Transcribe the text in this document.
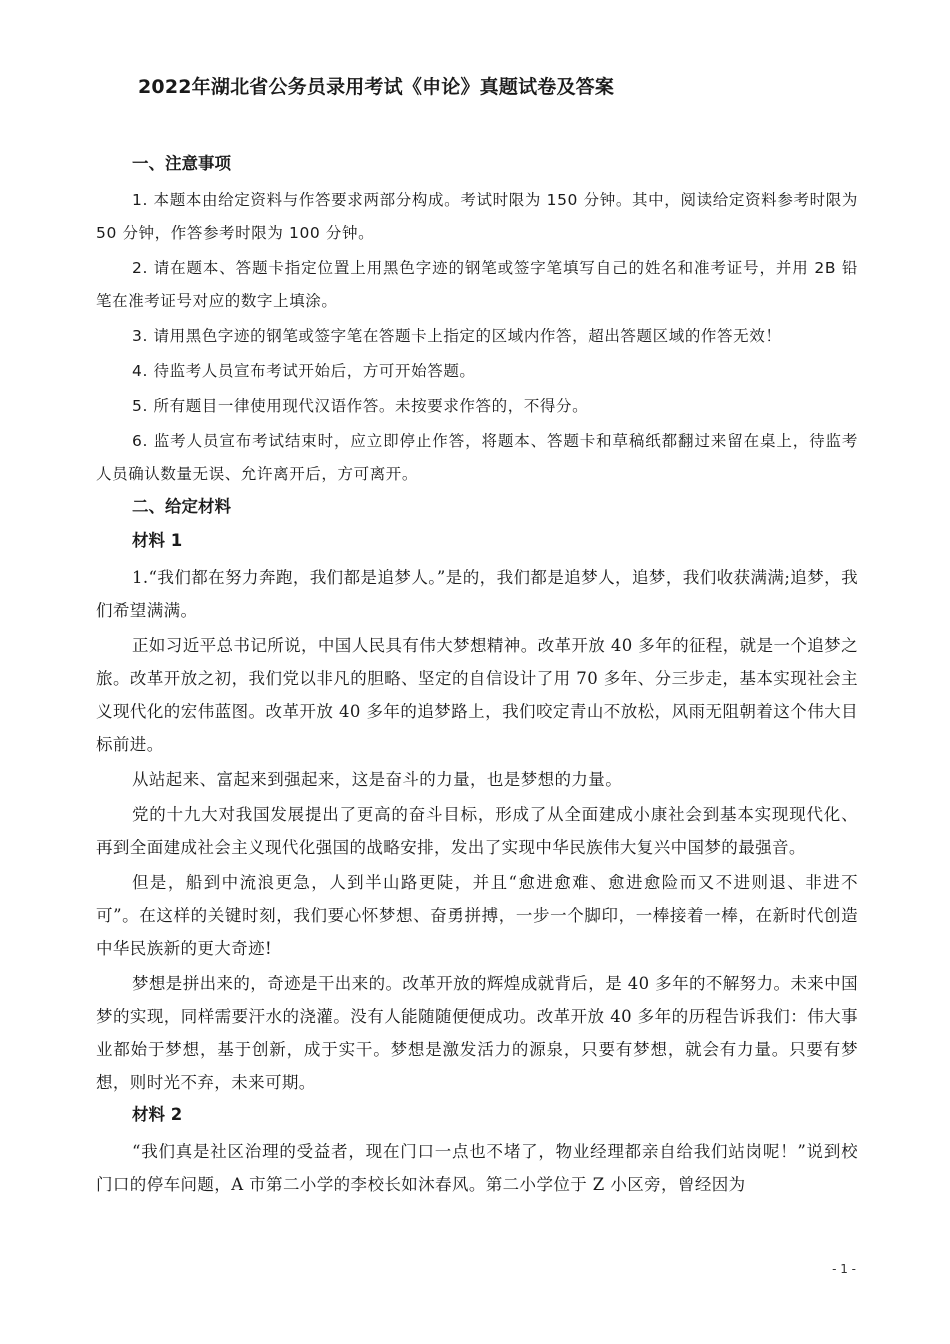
2022年湖北省公务员录用考试《申论》真题试卷及答案
一、注意事项

1. 本题本由给定资料与作答要求两部分构成。考试时限为 150 分钟。其中，阅读给定资料参考时限为 50 分钟，作答参考时限为 100 分钟。

2. 请在题本、答题卡指定位置上用黑色字迹的钢笔或签字笔填写自己的姓名和准考证号，并用 2B 铅笔在准考证号对应的数字上填涂。

3. 请用黑色字迹的钢笔或签字笔在答题卡上指定的区域内作答，超出答题区域的作答无效！

4. 待监考人员宣布考试开始后，方可开始答题。

5. 所有题目一律使用现代汉语作答。未按要求作答的，不得分。

6. 监考人员宣布考试结束时，应立即停止作答，将题本、答题卡和草稿纸都翻过来留在桌上，待监考人员确认数量无误、允许离开后，方可离开。

二、给定材料
材料 1

1.“我们都在努力奔跑，我们都是追梦人。”是的，我们都是追梦人，追梦，我们收获满满;追梦，我们希望满满。

正如习近平总书记所说，中国人民具有伟大梦想精神。改革开放 40 多年的征程，就是一个追梦之旅。改革开放之初，我们党以非凡的胆略、坚定的自信设计了用 70 多年、分三步走，基本实现社会主义现代化的宏伟蓝图。改革开放 40 多年的追梦路上，我们咬定青山不放松，风雨无阻朝着这个伟大目标前进。

从站起来、富起来到强起来，这是奋斗的力量，也是梦想的力量。

党的十九大对我国发展提出了更高的奋斗目标，形成了从全面建成小康社会到基本实现现代化、再到全面建成社会主义现代化强国的战略安排，发出了实现中华民族伟大复兴中国梦的最强音。

但是，船到中流浪更急，人到半山路更陡，并且“愈进愈难、愈进愈险而又不进则退、非进不可”。在这样的关键时刻，我们要心怀梦想、奋勇拼搏，一步一个脚印，一棒接着一棒，在新时代创造中华民族新的更大奇迹!

梦想是拼出来的，奇迹是干出来的。改革开放的辉煌成就背后，是 40 多年的不解努力。未来中国 梦的实现，同样需要汗水的浇灌。没有人能随随便便成功。改革开放 40 多年的历程告诉我们：伟大事业都始于梦想，基于创新，成于实干。梦想是激发活力的源泉，只要有梦想，就会有力量。只要有梦想，则时光不弃，未来可期。

材料 2

“我们真是社区治理的受益者，现在门口一点也不堵了，物业经理都亲自给我们站岗呢！”说到校门口的停车问题，A 市第二小学的李校长如沐春风。第二小学位于 Z 小区旁，曾经因为

- 1 -
